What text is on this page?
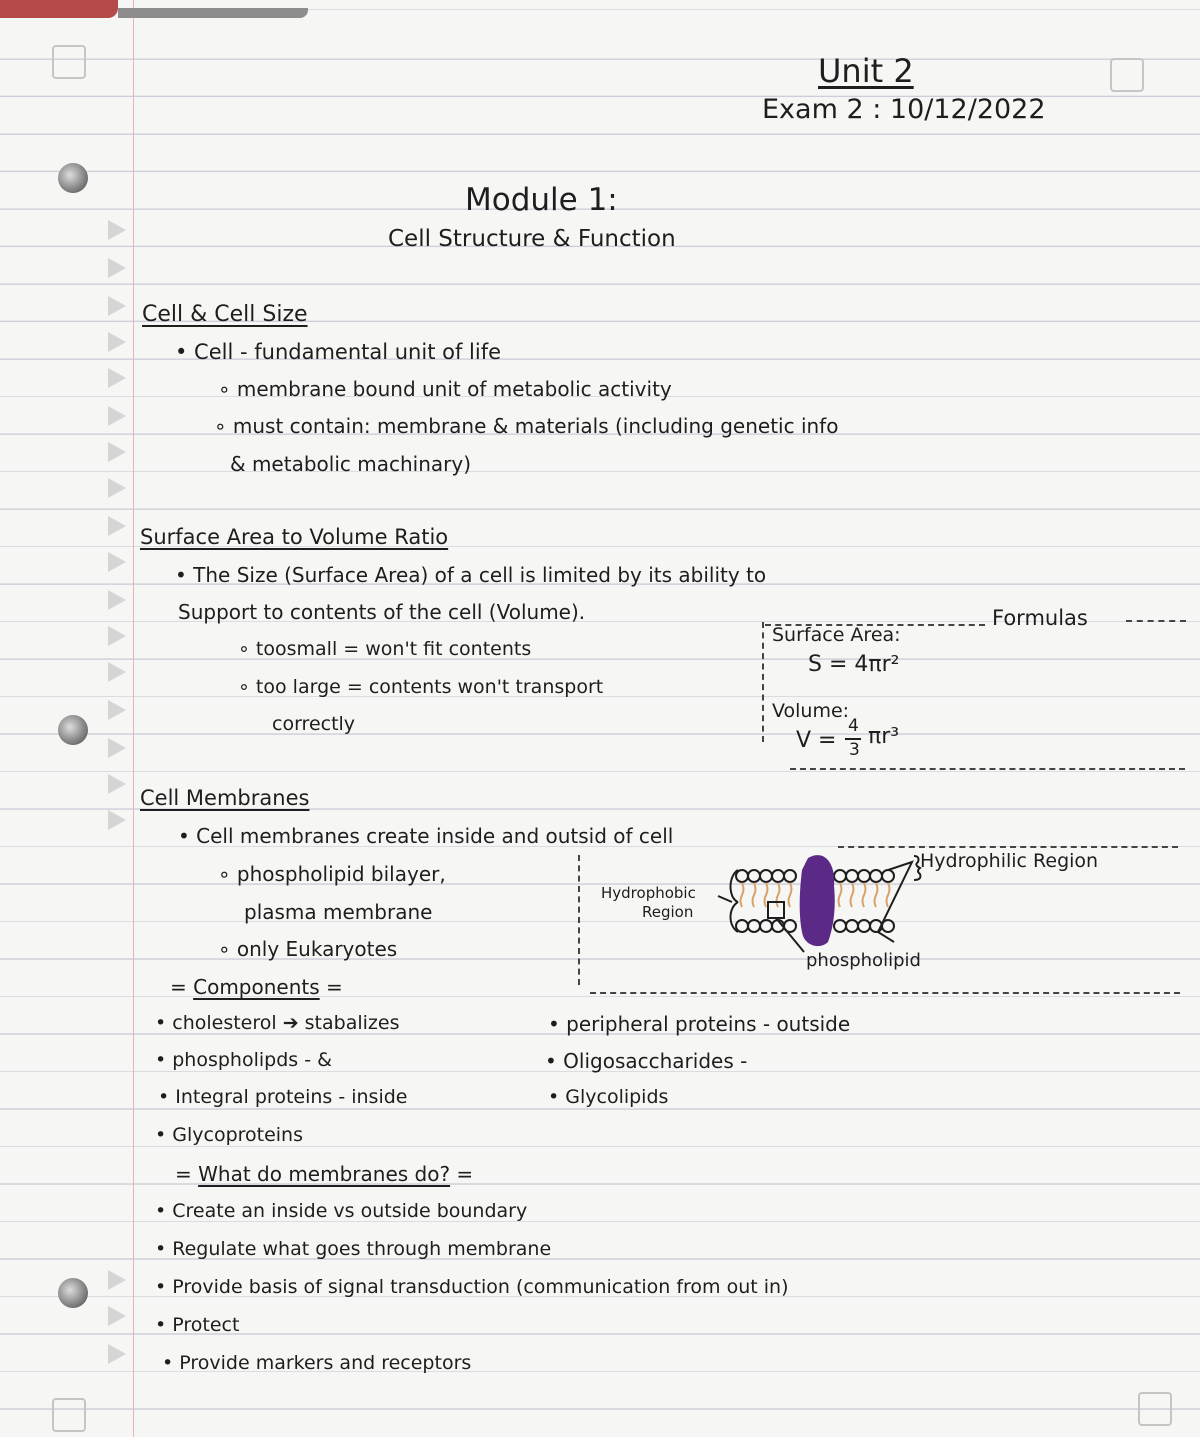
Unit 2
Exam 2 : 10/12/2022
Module 1:
Cell Structure & Function
Cell & Cell Size
• Cell - fundamental unit of life
∘ membrane bound unit of metabolic activity
∘ must contain: membrane & materials (including genetic info
& metabolic machinary)
Surface Area to Volume Ratio
• The Size (Surface Area) of a cell is limited by its ability to
Support to contents of the cell (Volume).
∘ toosmall = won't fit contents
∘ too large = contents won't transport
correctly
Formulas
Surface Area:
S = 4πr²
Volume:
V =
4
3
πr³
Cell Membranes
• Cell membranes create inside and outsid of cell
∘ phospholipid bilayer,
plasma membrane
∘ only Eukaryotes
Hydrophilic Region
Hydrophobic
Region
phospholipid
= Components =
• cholesterol ➔ stabalizes
• phospholipds - &
• Integral proteins - inside
• Glycoproteins
• peripheral proteins - outside
• Oligosaccharides -
• Glycolipids
= What do membranes do? =
• Create an inside vs outside boundary
• Regulate what goes through membrane
• Provide basis of signal transduction (communication from out in)
• Protect
• Provide markers and receptors
